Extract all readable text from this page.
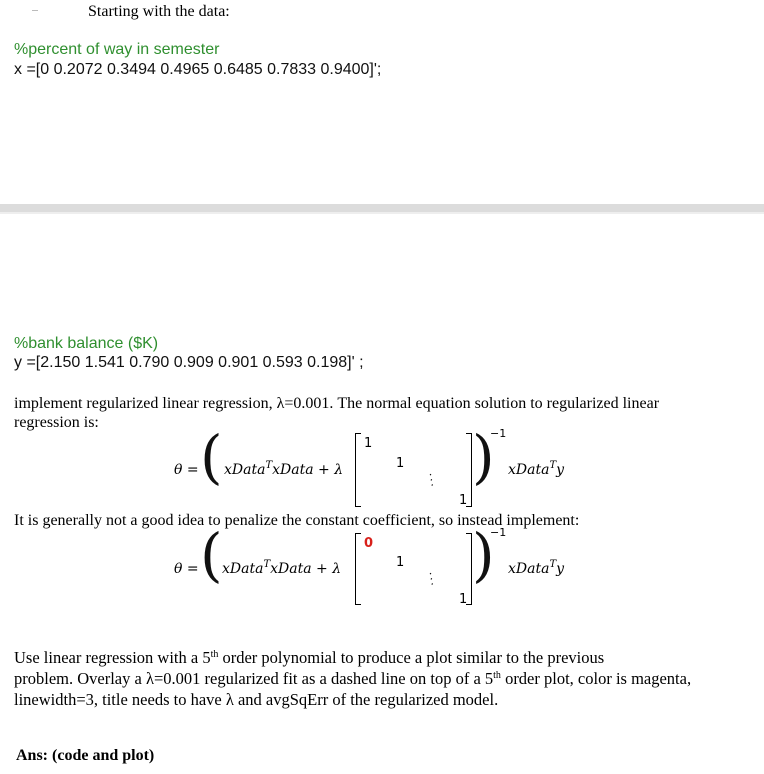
Starting with the data:
%percent of way in semester
x =[0 0.2072 0.3494 0.4965 0.6485 0.7833 0.9400]';
%bank balance ($K)
y =[2.150 1.541 0.790 0.909 0.901 0.593 0.198]' ;
implement regularized linear regression, λ=0.001. The normal equation solution to regularized linear
regression is:
θ = ( xData$^T$xData + λ
1
1
⋱
1
)
−1
xData$^T$y
It is generally not a good idea to penalize the constant coefficient, so instead implement:
θ = ( xData$^T$xData + λ
0
1
⋱
1
)
−1
xData$^T$y
Use linear regression with a 5th order polynomial to produce a plot similar to the previous
problem. Overlay a λ=0.001 regularized fit as a dashed line on top of a 5th order plot, color is magenta,
linewidth=3, title needs to have λ and avgSqErr of the regularized model.
Ans: (code and plot)
